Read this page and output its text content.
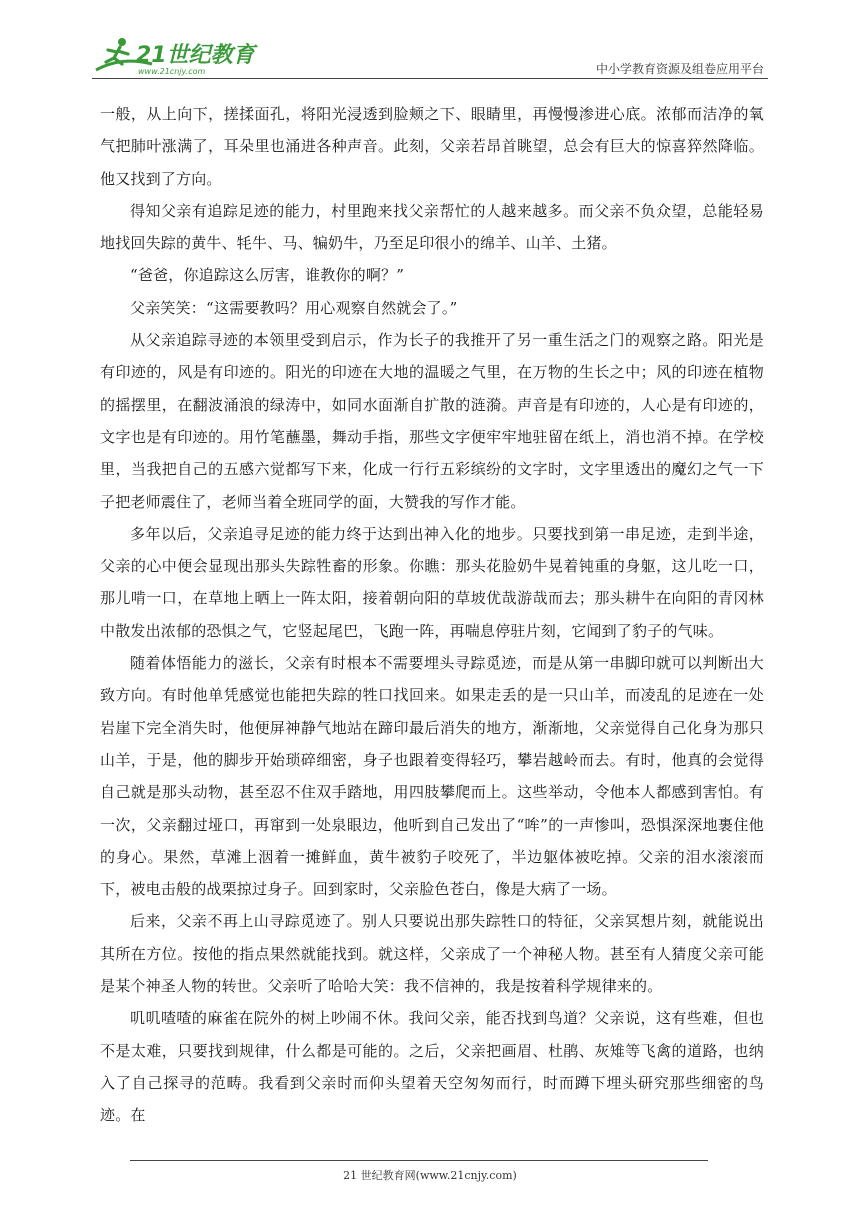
21世纪教育
www.21cnjy.com	中小学教育资源及组卷应用平台

一般，从上向下，搓揉面孔，将阳光浸透到脸颊之下、眼睛里，再慢慢渗进心底。浓郁而洁净的氧气把肺叶涨满了，耳朵里也涌进各种声音。此刻，父亲若昂首眺望，总会有巨大的惊喜猝然降临。他又找到了方向。

得知父亲有追踪足迹的能力，村里跑来找父亲帮忙的人越来越多。而父亲不负众望，总能轻易地找回失踪的黄牛、牦牛、马、犏奶牛，乃至足印很小的绵羊、山羊、土猪。

“爸爸，你追踪这么厉害，谁教你的啊？”

父亲笑笑：“这需要教吗？用心观察自然就会了。”

从父亲追踪寻迹的本领里受到启示，作为长子的我推开了另一重生活之门的观察之路。阳光是有印迹的，风是有印迹的。阳光的印迹在大地的温暖之气里，在万物的生长之中；风的印迹在植物的摇摆里，在翻波涌浪的绿涛中，如同水面渐自扩散的涟漪。声音是有印迹的，人心是有印迹的，文字也是有印迹的。用竹笔蘸墨，舞动手指，那些文字便牢牢地驻留在纸上，消也消不掉。在学校里，当我把自己的五感六觉都写下来，化成一行行五彩缤纷的文字时，文字里透出的魔幻之气一下子把老师震住了，老师当着全班同学的面，大赞我的写作才能。

多年以后，父亲追寻足迹的能力终于达到出神入化的地步。只要找到第一串足迹，走到半途，父亲的心中便会显现出那头失踪牲畜的形象。你瞧：那头花脸奶牛晃着钝重的身躯，这儿吃一口，那儿啃一口，在草地上晒上一阵太阳，接着朝向阳的草坡优哉游哉而去；那头耕牛在向阳的青冈林中散发出浓郁的恐惧之气，它竖起尾巴，飞跑一阵，再喘息停驻片刻，它闻到了豹子的气味。

随着体悟能力的滋长，父亲有时根本不需要埋头寻踪觅迹，而是从第一串脚印就可以判断出大致方向。有时他单凭感觉也能把失踪的牲口找回来。如果走丢的是一只山羊，而凌乱的足迹在一处岩崖下完全消失时，他便屏神静气地站在蹄印最后消失的地方，渐渐地，父亲觉得自己化身为那只山羊，于是，他的脚步开始琐碎细密，身子也跟着变得轻巧，攀岩越岭而去。有时，他真的会觉得自己就是那头动物，甚至忍不住双手踏地，用四肢攀爬而上。这些举动，令他本人都感到害怕。有一次，父亲翻过垭口，再窜到一处泉眼边，他听到自己发出了“哞”的一声惨叫，恐惧深深地裹住他的身心。果然，草滩上洇着一摊鲜血，黄牛被豹子咬死了，半边躯体被吃掉。父亲的泪水滚滚而下，被电击般的战栗掠过身子。回到家时，父亲脸色苍白，像是大病了一场。

后来，父亲不再上山寻踪觅迹了。别人只要说出那失踪牲口的特征，父亲冥想片刻，就能说出其所在方位。按他的指点果然就能找到。就这样，父亲成了一个神秘人物。甚至有人猜度父亲可能是某个神圣人物的转世。父亲听了哈哈大笑：我不信神的，我是按着科学规律来的。

叽叽喳喳的麻雀在院外的树上吵闹不休。我问父亲，能否找到鸟道？父亲说，这有些难，但也不是太难，只要找到规律，什么都是可能的。之后，父亲把画眉、杜鹃、灰雉等飞禽的道路，也纳入了自己探寻的范畴。我看到父亲时而仰头望着天空匆匆而行，时而蹲下埋头研究那些细密的鸟迹。在

21 世纪教育网(www.21cnjy.com)
